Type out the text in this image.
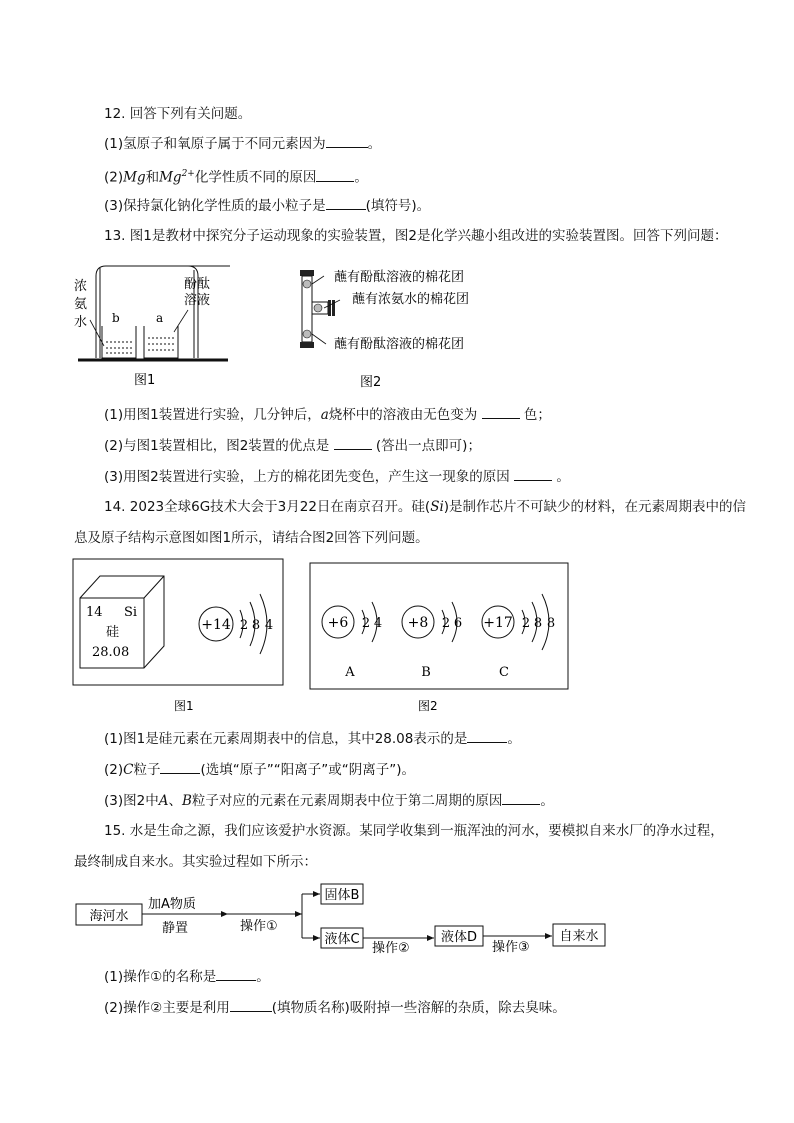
12. 回答下列有关问题。
(1)氢原子和氧原子属于不同元素因为	。
(2)Mg和$Mg^{2+}$化学性质不同的原因	。
(3)保持氯化钠化学性质的最小粒子是	(填符号)。
13. 图1是教材中探究分子运动现象的实验装置，图2是化学兴趣小组改进的实验装置图。回答下列问题：
浓
氨
水
酚酞
溶液
b	a
图1
蘸有酚酞溶液的棉花团
蘸有浓氨水的棉花团
蘸有酚酞溶液的棉花团
图2
(1)用图1装置进行实验，几分钟后，a烧杯中的溶液由无色变为	色；
(2)与图1装置相比，图2装置的优点是	(答出一点即可)；
(3)用图2装置进行实验，上方的棉花团先变色，产生这一现象的原因	。
14. 2023全球6G技术大会于3月22日在南京召开。硅(Si)是制作芯片不可缺少的材料，在元素周期表中的信
息及原子结构示意图如图1所示，请结合图2回答下列问题。
14 Si
硅
28.08
+14 2 8 4
图1
+6 2 4
A
+8 2 6
B
+17 2 8 8
C
图2
(1)图1是硅元素在元素周期表中的信息，其中28.08表示的是	。
(2)C粒子	(选填“原子”“阳离子”或“阴离子”)。
(3)图2中A、B粒子对应的元素在元素周期表中位于第二周期的原因	。
15. 水是生命之源，我们应该爱护水资源。某同学收集到一瓶浑浊的河水，要模拟自来水厂的净水过程，
最终制成自来水。其实验过程如下所示：
海河水
加A物质
静置	操作①
固体B
液体C
操作②
液体D
操作③
自来水
(1)操作①的名称是	。
(2)操作②主要是利用	(填物质名称)吸附掉一些溶解的杂质，除去臭味。
